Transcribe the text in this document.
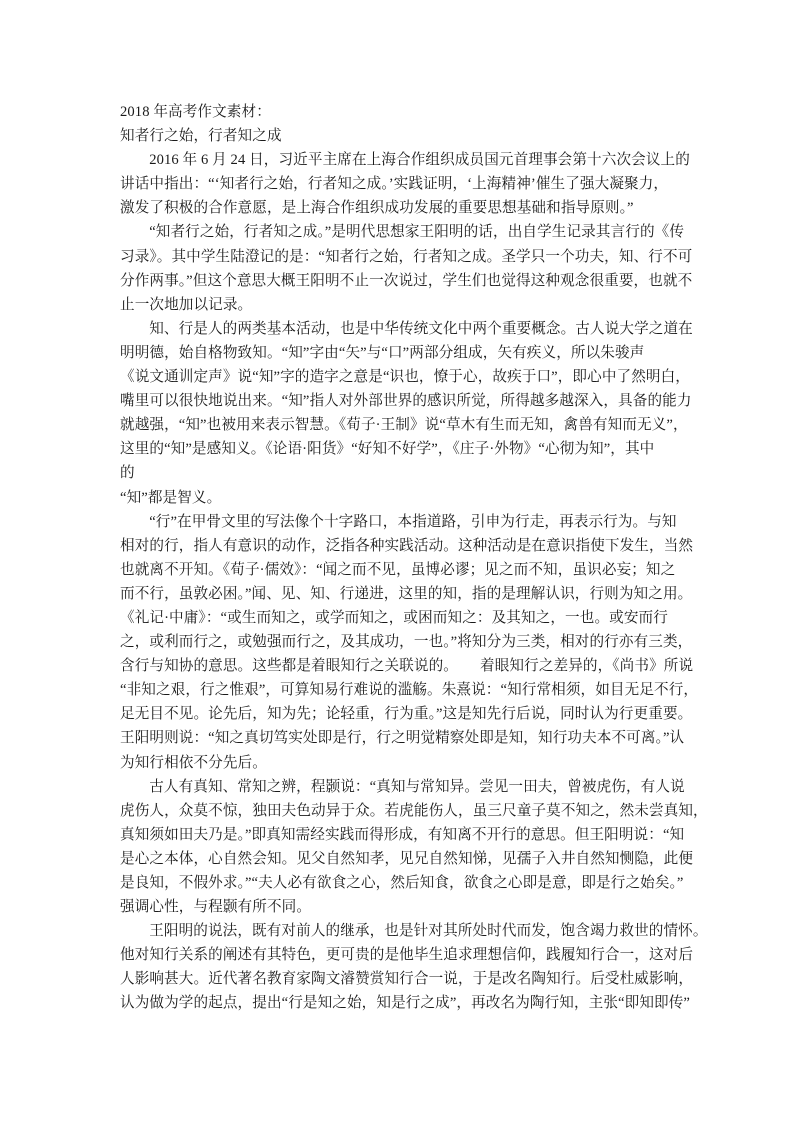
2018 年高考作文素材：
知者行之始，行者知之成
2016 年 6 月 24 日，习近平主席在上海合作组织成员国元首理事会第十六次会议上的
讲话中指出：“‘知者行之始，行者知之成。’实践证明，‘上海精神’催生了强大凝聚力，
激发了积极的合作意愿，是上海合作组织成功发展的重要思想基础和指导原则。”
“知者行之始，行者知之成。”是明代思想家王阳明的话，出自学生记录其言行的《传
习录》。其中学生陆澄记的是：“知者行之始，行者知之成。圣学只一个功夫，知、行不可
分作两事。”但这个意思大概王阳明不止一次说过，学生们也觉得这种观念很重要，也就不
止一次地加以记录。
知、行是人的两类基本活动，也是中华传统文化中两个重要概念。古人说大学之道在
明明德，始自格物致知。“知”字由“矢”与“口”两部分组成，矢有疾义，所以朱骏声
《说文通训定声》说“知”字的造字之意是“识也，憭于心，故疾于口”，即心中了然明白，
嘴里可以很快地说出来。“知”指人对外部世界的感识所觉，所得越多越深入，具备的能力
就越强，“知”也被用来表示智慧。《荀子·王制》说“草木有生而无知，禽兽有知而无义”，
这里的“知”是感知义。《论语·阳货》“好知不好学”，《庄子·外物》“心彻为知”，其中
的
“知”都是智义。
“行”在甲骨文里的写法像个十字路口，本指道路，引申为行走，再表示行为。与知
相对的行，指人有意识的动作，泛指各种实践活动。这种活动是在意识指使下发生，当然
也就离不开知。《荀子·儒效》：“闻之而不见，虽博必谬；见之而不知，虽识必妄；知之
而不行，虽敦必困。”闻、见、知、行递进，这里的知，指的是理解认识，行则为知之用。
《礼记·中庸》：“或生而知之，或学而知之，或困而知之：及其知之，一也。或安而行
之，或利而行之，或勉强而行之，及其成功，一也。”将知分为三类，相对的行亦有三类，
含行与知协的意思。这些都是着眼知行之关联说的。　　着眼知行之差异的，《尚书》所说
“非知之艰，行之惟艰”，可算知易行难说的滥觞。朱熹说：“知行常相须，如目无足不行，
足无目不见。论先后，知为先；论轻重，行为重。”这是知先行后说，同时认为行更重要。
王阳明则说：“知之真切笃实处即是行，行之明觉精察处即是知，知行功夫本不可离。”认
为知行相依不分先后。
古人有真知、常知之辨，程颢说：“真知与常知异。尝见一田夫，曾被虎伤，有人说
虎伤人，众莫不惊，独田夫色动异于众。若虎能伤人，虽三尺童子莫不知之，然未尝真知，
真知须如田夫乃是。”即真知需经实践而得形成，有知离不开行的意思。但王阳明说：“知
是心之本体，心自然会知。见父自然知孝，见兄自然知悌，见孺子入井自然知恻隐，此便
是良知，不假外求。”“夫人必有欲食之心，然后知食，欲食之心即是意，即是行之始矣。”
强调心性，与程颢有所不同。
王阳明的说法，既有对前人的继承，也是针对其所处时代而发，饱含竭力救世的情怀。
他对知行关系的阐述有其特色，更可贵的是他毕生追求理想信仰，践履知行合一，这对后
人影响甚大。近代著名教育家陶文濬赞赏知行合一说，于是改名陶知行。后受杜威影响，
认为做为学的起点，提出“行是知之始，知是行之成”，再改名为陶行知，主张“即知即传”
